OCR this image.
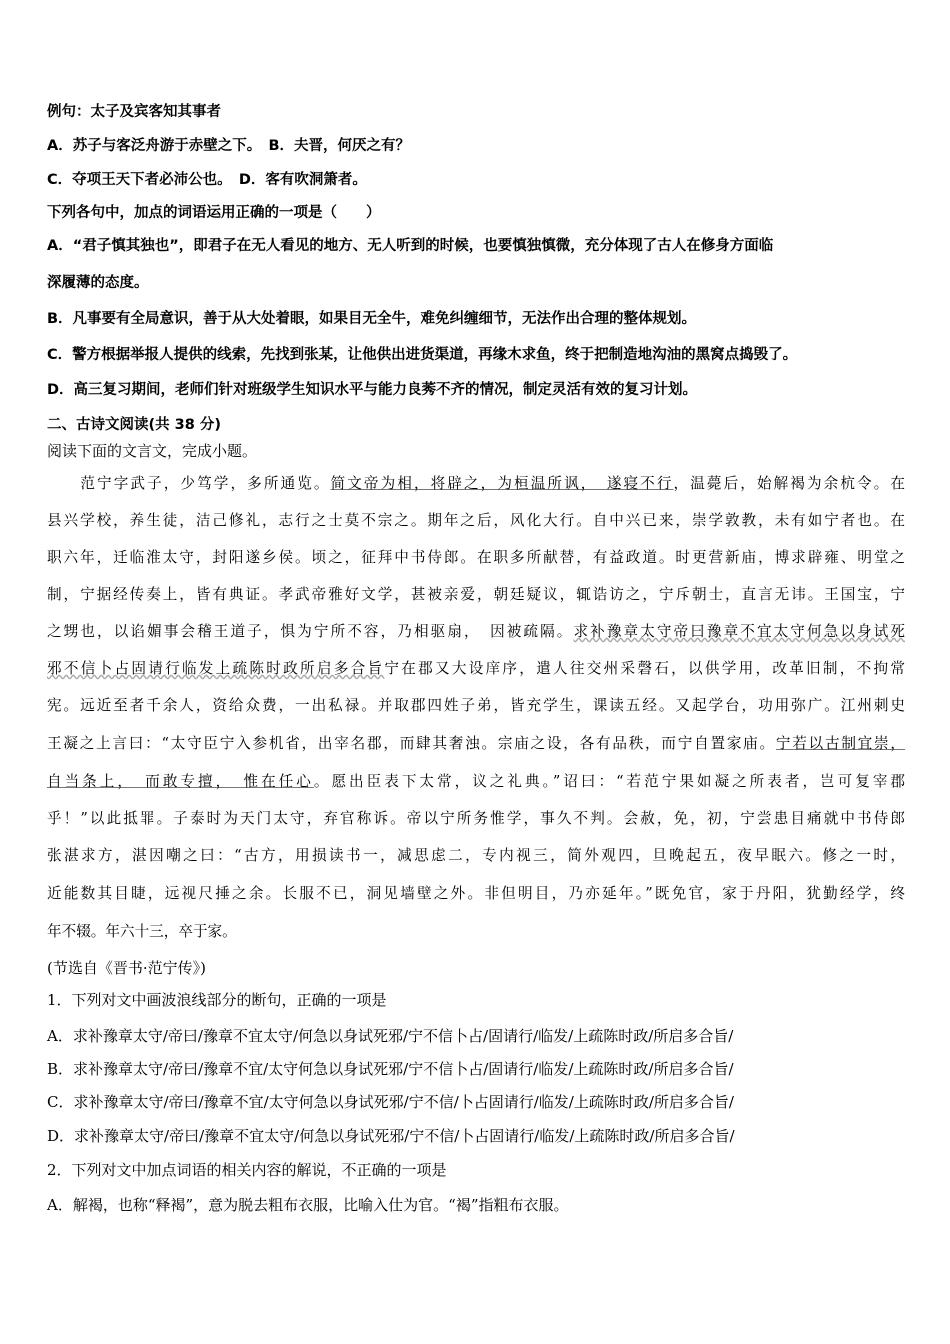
例句：太子及宾客知其事者
A．苏子与客泛舟游于赤壁之下。　B．夫晋，何厌之有？
C．夺项王天下者必沛公也。　D．客有吹洞箫者。
下列各句中，加点的词语运用正确的一项是（　　）
A．“君子慎其独也”，即君子在无人看见的地方、无人听到的时候，也要慎独慎微，充分体现了古人在修身方面临
深履薄的态度。
B．凡事要有全局意识，善于从大处着眼，如果目无全牛，难免纠缠细节，无法作出合理的整体规划。
C．警方根据举报人提供的线索，先找到张某，让他供出进货渠道，再缘木求鱼，终于把制造地沟油的黑窝点捣毁了。
D．高三复习期间，老师们针对班级学生知识水平与能力良莠不齐的情况，制定灵活有效的复习计划。
二、古诗文阅读(共 38 分)
阅读下面的文言文，完成小题。
　　范宁字武子，少笃学，多所通览。简文帝为相，将辟之，为桓温所讽，　遂寝不行，温薨后，始解褐为余杭令。在
县兴学校，养生徒，洁己修礼，志行之士莫不宗之。期年之后，风化大行。自中兴已来，崇学敦教，未有如宁者也。在
职六年，迁临淮太守，封阳遂乡侯。顷之，征拜中书侍郎。在职多所献替，有益政道。时更营新庙，博求辟雍、明堂之
制，宁据经传奏上，皆有典证。孝武帝雅好文学，甚被亲爱，朝廷疑议，辄诰访之，宁斥朝士，直言无讳。王国宝，宁
之甥也，以谄媚事会稽王道子，惧为宁所不容，乃相驱扇，　因被疏隔。求补豫章太守帝曰豫章不宜太守何急以身试死
邪不信卜占固请行临发上疏陈时政所启多合旨宁在郡又大设庠序，遣人往交州采磬石，以供学用，改革旧制，不拘常
宪。远近至者千余人，资给众费，一出私禄。并取郡四姓子弟，皆充学生，课读五经。又起学台，功用弥广。江州刺史
王凝之上言曰：“太守臣宁入参机省，出宰名郡，而肆其奢浊。宗庙之设，各有品秩，而宁自置家庙。宁若以古制宜崇，
自当条上，　而敢专擅，　惟在任心。愿出臣表下太常，议之礼典。”诏曰：“若范宁果如凝之所表者，岂可复宰郡
乎！”以此抵罪。子泰时为天门太守，弃官称诉。帝以宁所务惟学，事久不判。会赦，免，初，宁尝患目痛就中书侍郎
张湛求方，湛因嘲之曰：“古方，用损读书一，减思虑二，专内视三，简外观四，旦晚起五，夜早眠六。修之一时，
近能数其目睫，远视尺捶之余。长服不已，洞见墙壁之外。非但明目，乃亦延年。”既免官，家于丹阳，犹勤经学，终
年不辍。年六十三，卒于家。
(节选自《晋书·范宁传》)
1．下列对文中画波浪线部分的断句，正确的一项是
A．求补豫章太守/帝曰/豫章不宜太守/何急以身试死邪/宁不信卜占/固请行/临发/上疏陈时政/所启多合旨/
B．求补豫章太守/帝曰/豫章不宜/太守何急以身试死邪/宁不信卜占/固请行/临发/上疏陈时政/所启多合旨/
C．求补豫章太守/帝曰/豫章不宜/太守何急以身试死邪/宁不信/卜占固请行/临发/上疏陈时政/所启多合旨/
D．求补豫章太守/帝曰/豫章不宜太守/何急以身试死邪/宁不信/卜占固请行/临发/上疏陈时政/所启多合旨/
2．下列对文中加点词语的相关内容的解说，不正确的一项是
A．解褐，也称“释褐”，意为脱去粗布衣服，比喻入仕为官。“褐”指粗布衣服。
